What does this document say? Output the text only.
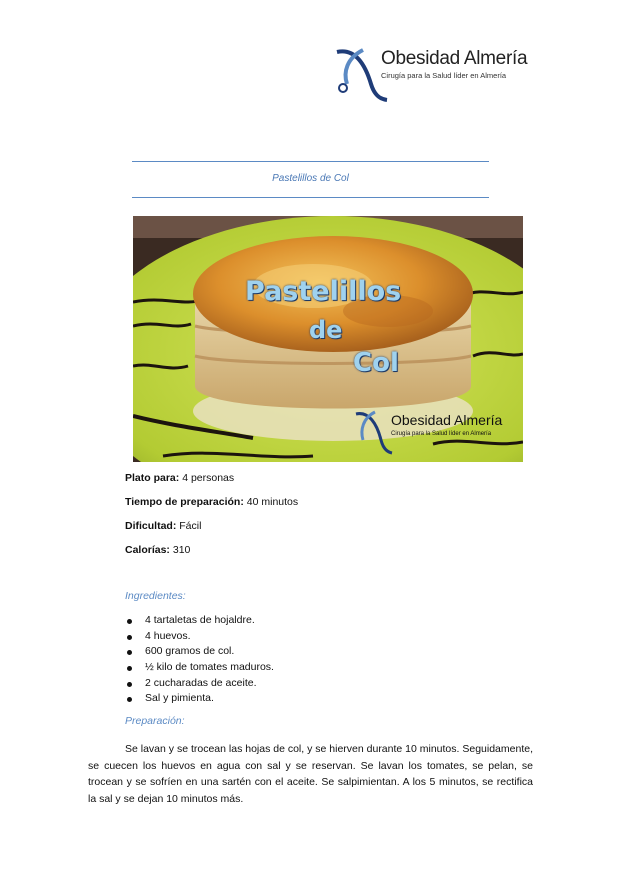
Obesidad Almería
Cirugía para la Salud líder en Almería
Pastelillos de Col
Pastelillos
de
Col
Obesidad Almería
Cirugía para la Salud líder en Almería
Plato para: 4 personas
Tiempo de preparación: 40 minutos
Dificultad: Fácil
Calorías: 310
Ingredientes:
4 tartaletas de hojaldre.
4 huevos.
600 gramos de col.
½ kilo de tomates maduros.
2 cucharadas de aceite.
Sal y pimienta.
Preparación:

Se lavan y se trocean las hojas de col, y se hierven durante 10 minutos. Seguidamente, se cuecen los huevos en agua con sal y se reservan. Se lavan los tomates, se pelan, se trocean y se sofríen en una sartén con el aceite. Se salpimientan. A los 5 minutos, se rectifica la sal y se dejan 10 minutos más.
